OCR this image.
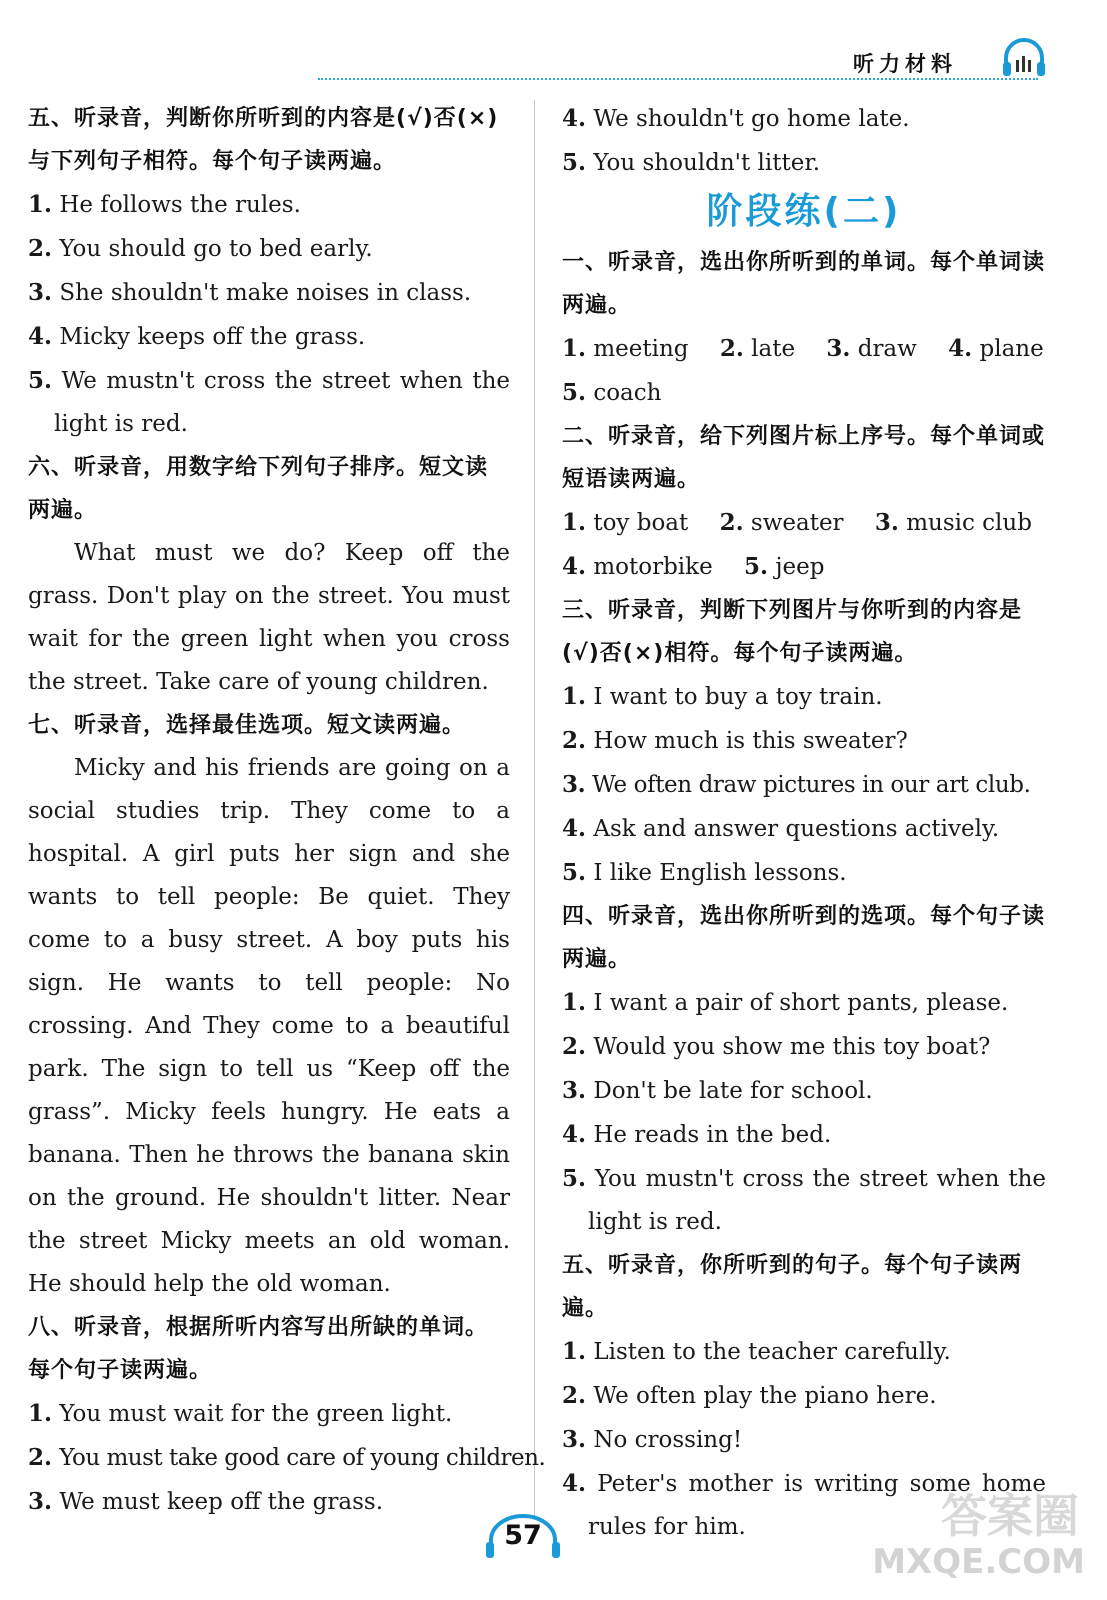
听力材料
五、听录音，判断你所听到的内容是(√)否(×)与下列句子相符。每个句子读两遍。
1. He follows the rules.
2. You should go to bed early.
3. She shouldn't make noises in class.
4. Micky keeps off the grass.
5. We mustn't cross the street when the light is red.
六、听录音，用数字给下列句子排序。短文读两遍。
What must we do? Keep off the grass. Don't play on the street. You must wait for the green light when you cross the street. Take care of young children.
七、听录音，选择最佳选项。短文读两遍。
Micky and his friends are going on a social studies trip. They come to a hospital. A girl puts her sign and she wants to tell people: Be quiet. They come to a busy street. A boy puts his sign. He wants to tell people: No crossing. And They come to a beautiful park. The sign to tell us “Keep off the grass”. Micky feels hungry. He eats a banana. Then he throws the banana skin on the ground. He shouldn't litter. Near the street Micky meets an old woman. He should help the old woman.
八、听录音，根据所听内容写出所缺的单词。每个句子读两遍。
1. You must wait for the green light.
2. You must take good care of young children.
3. We must keep off the grass.
4. We shouldn't go home late.
5. You shouldn't litter.
阶段练(二)
一、听录音，选出你所听到的单词。每个单词读两遍。
1. meeting 2. late 3. draw 4. plane
5. coach
二、听录音，给下列图片标上序号。每个单词或短语读两遍。
1. toy boat 2. sweater 3. music club
4. motorbike 5. jeep
三、听录音，判断下列图片与你听到的内容是(√)否(×)相符。每个句子读两遍。
1. I want to buy a toy train.
2. How much is this sweater?
3. We often draw pictures in our art club.
4. Ask and answer questions actively.
5. I like English lessons.
四、听录音，选出你所听到的选项。每个句子读两遍。
1. I want a pair of short pants, please.
2. Would you show me this toy boat?
3. Don't be late for school.
4. He reads in the bed.
5. You mustn't cross the street when the light is red.
五、听录音，你所听到的句子。每个句子读两遍。
1. Listen to the teacher carefully.
2. We often play the piano here.
3. No crossing!
4. Peter's mother is writing some home rules for him.
57	答案圈
MXQE.COM
